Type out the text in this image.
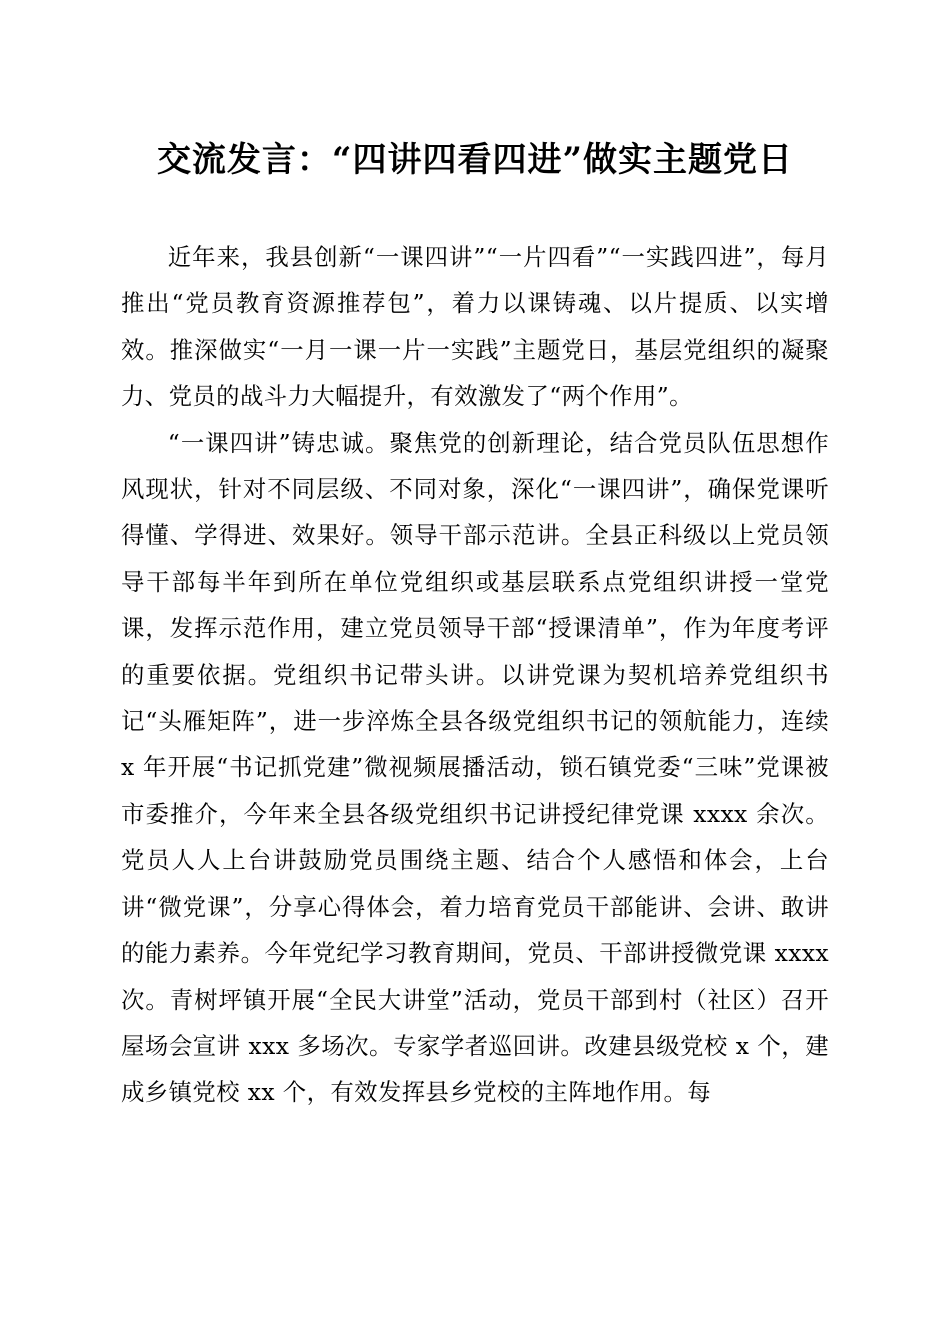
交流发言：“四讲四看四进”做实主题党日

近年来，我县创新“一课四讲”“一片四看”“一实践四进”，每月推出“党员教育资源推荐包”，着力以课铸魂、以片提质、以实增效。推深做实“一月一课一片一实践”主题党日，基层党组织的凝聚力、党员的战斗力大幅提升，有效激发了“两个作用”。

“一课四讲”铸忠诚。聚焦党的创新理论，结合党员队伍思想作风现状，针对不同层级、不同对象，深化“一课四讲”，确保党课听得懂、学得进、效果好。领导干部示范讲。全县正科级以上党员领导干部每半年到所在单位党组织或基层联系点党组织讲授一堂党课，发挥示范作用，建立党员领导干部“授课清单”，作为年度考评的重要依据。党组织书记带头讲。以讲党课为契机培养党组织书记“头雁矩阵”，进一步淬炼全县各级党组织书记的领航能力，连续 x 年开展“书记抓党建”微视频展播活动，锁石镇党委“三味”党课被市委推介，今年来全县各级党组织书记讲授纪律党课 xxxx 余次。党员人人上台讲鼓励党员围绕主题、结合个人感悟和体会，上台讲“微党课”，分享心得体会，着力培育党员干部能讲、会讲、敢讲的能力素养。今年党纪学习教育期间，党员、干部讲授微党课 xxxx 次。青树坪镇开展“全民大讲堂”活动，党员干部到村（社区）召开屋场会宣讲 xxx 多场次。专家学者巡回讲。改建县级党校 x 个，建成乡镇党校 xx 个，有效发挥县乡党校的主阵地作用。每
